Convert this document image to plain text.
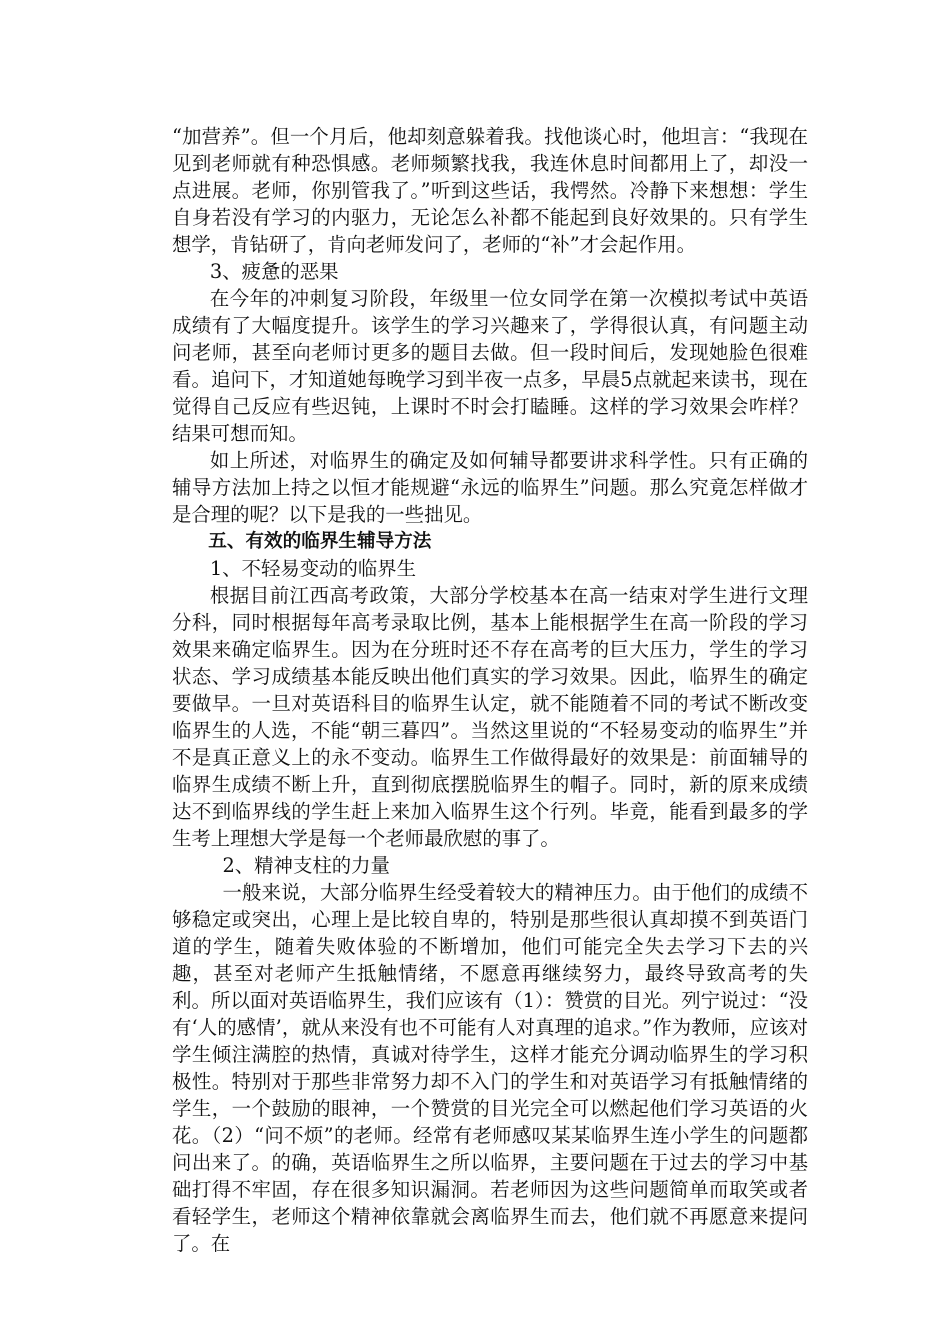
“加营养”。但一个月后，他却刻意躲着我。找他谈心时，他坦言：“我现在见到老师就有种恐惧感。老师频繁找我，我连休息时间都用上了，却没一点进展。老师，你别管我了。”听到这些话，我愕然。冷静下来想想：学生自身若没有学习的内驱力，无论怎么补都不能起到良好效果的。只有学生想学，肯钻研了，肯向老师发问了，老师的“补”才会起作用。

3、疲惫的恶果

在今年的冲刺复习阶段，年级里一位女同学在第一次模拟考试中英语成绩有了大幅度提升。该学生的学习兴趣来了，学得很认真，有问题主动问老师，甚至向老师讨更多的题目去做。但一段时间后，发现她脸色很难看。追问下，才知道她每晚学习到半夜一点多，早晨5点就起来读书，现在觉得自己反应有些迟钝，上课时不时会打瞌睡。这样的学习效果会咋样？结果可想而知。

如上所述，对临界生的确定及如何辅导都要讲求科学性。只有正确的辅导方法加上持之以恒才能规避“永远的临界生”问题。那么究竟怎样做才是合理的呢？以下是我的一些拙见。

五、有效的临界生辅导方法

1、不轻易变动的临界生

根据目前江西高考政策，大部分学校基本在高一结束对学生进行文理分科，同时根据每年高考录取比例，基本上能根据学生在高一阶段的学习效果来确定临界生。因为在分班时还不存在高考的巨大压力，学生的学习状态、学习成绩基本能反映出他们真实的学习效果。因此，临界生的确定要做早。一旦对英语科目的临界生认定，就不能随着不同的考试不断改变临界生的人选，不能“朝三暮四”。当然这里说的“不轻易变动的临界生”并不是真正意义上的永不变动。临界生工作做得最好的效果是：前面辅导的临界生成绩不断上升，直到彻底摆脱临界生的帽子。同时，新的原来成绩达不到临界线的学生赶上来加入临界生这个行列。毕竟，能看到最多的学生考上理想大学是每一个老师最欣慰的事了。

2、精神支柱的力量

一般来说，大部分临界生经受着较大的精神压力。由于他们的成绩不够稳定或突出，心理上是比较自卑的，特别是那些很认真却摸不到英语门道的学生，随着失败体验的不断增加，他们可能完全失去学习下去的兴趣，甚至对老师产生抵触情绪，不愿意再继续努力，最终导致高考的失利。所以面对英语临界生，我们应该有（1）：赞赏的目光。列宁说过：“没有‘人的感情’，就从来没有也不可能有人对真理的追求。”作为教师，应该对学生倾注满腔的热情，真诚对待学生，这样才能充分调动临界生的学习积极性。特别对于那些非常努力却不入门的学生和对英语学习有抵触情绪的学生，一个鼓励的眼神，一个赞赏的目光完全可以燃起他们学习英语的火花。（2）“问不烦”的老师。经常有老师感叹某某临界生连小学生的问题都问出来了。的确，英语临界生之所以临界，主要问题在于过去的学习中基础打得不牢固，存在很多知识漏洞。若老师因为这些问题简单而取笑或者看轻学生，老师这个精神依靠就会离临界生而去，他们就不再愿意来提问了。在
